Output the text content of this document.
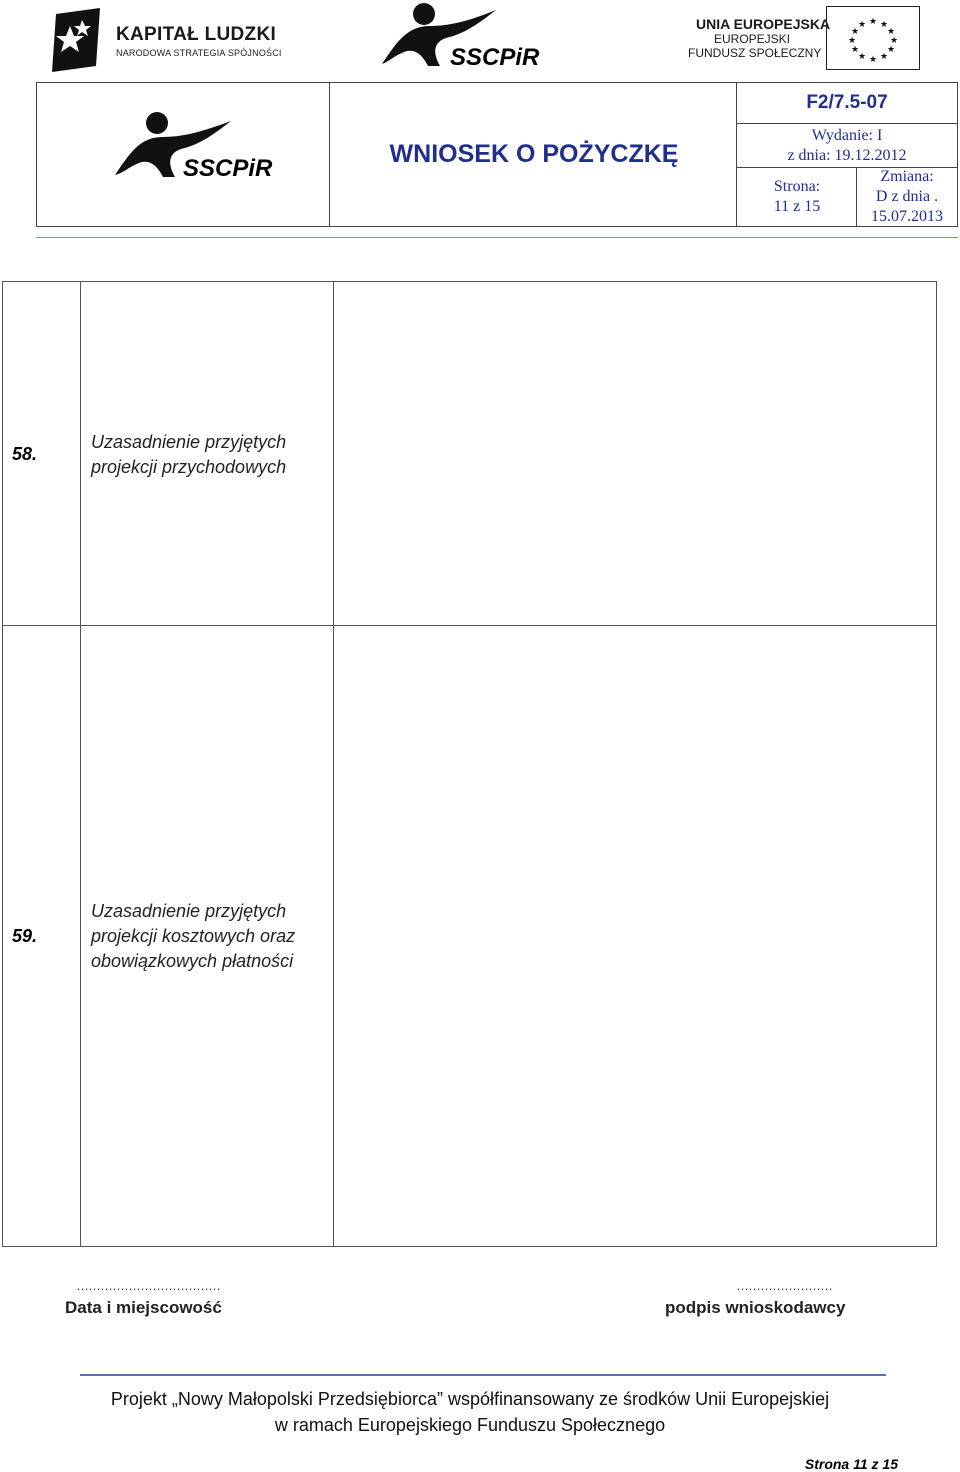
KAPITAŁ LUDZKI
NARODOWA STRATEGIA SPÓJNOŚCI	SSCPiR
UNIA EUROPEJSKA
EUROPEJSKI
FUNDUSZ SPOŁECZNY
★ ★
★
★
★
★
★
★
★
★
★
★
SSCPiR
WNIOSEK O POŻYCZKĘ
F2/7.5-07
Wydanie: I
z dnia: 19.12.2012
Strona:
11 z 15
Zmiana:
D z dnia .
15.07.2013
58.
Uzasadnienie przyjętych
projekcji przychodowych
59.
Uzasadnienie przyjętych
projekcji kosztowych oraz
obowiązkowych płatności
………………………………
Data i miejscowość
……………………
podpis wnioskodawcy
Projekt „Nowy Małopolski Przedsiębiorca” współfinansowany ze środków Unii Europejskiej
w ramach Europejskiego Funduszu Społecznego
Strona 11 z 15
